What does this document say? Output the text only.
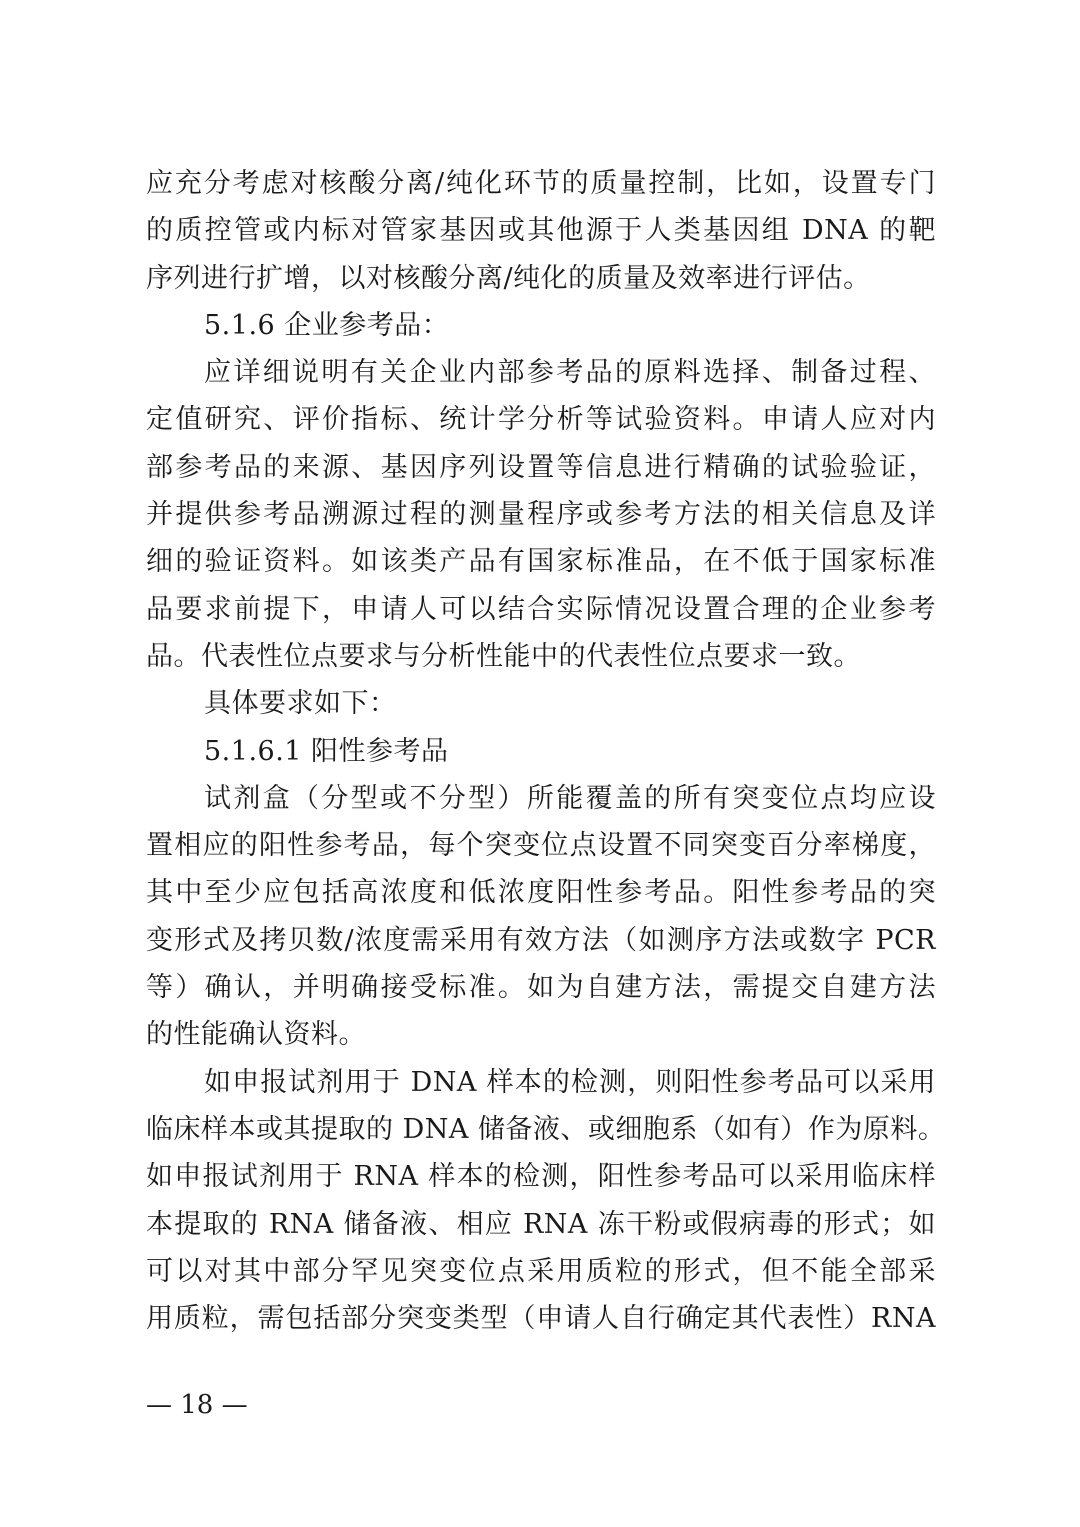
应充分考虑对核酸分离/纯化环节的质量控制，比如，设置专门
的质控管或内标对管家基因或其他源于人类基因组 DNA 的靶
序列进行扩增，以对核酸分离/纯化的质量及效率进行评估。
5.1.6 企业参考品：
应详细说明有关企业内部参考品的原料选择、制备过程、
定值研究、评价指标、统计学分析等试验资料。申请人应对内
部参考品的来源、基因序列设置等信息进行精确的试验验证，
并提供参考品溯源过程的测量程序或参考方法的相关信息及详
细的验证资料。如该类产品有国家标准品，在不低于国家标准
品要求前提下，申请人可以结合实际情况设置合理的企业参考
品。代表性位点要求与分析性能中的代表性位点要求一致。
具体要求如下：
5.1.6.1 阳性参考品
试剂盒（分型或不分型）所能覆盖的所有突变位点均应设
置相应的阳性参考品，每个突变位点设置不同突变百分率梯度，
其中至少应包括高浓度和低浓度阳性参考品。阳性参考品的突
变形式及拷贝数/浓度需采用有效方法（如测序方法或数字 PCR
等）确认，并明确接受标准。如为自建方法，需提交自建方法
的性能确认资料。
如申报试剂用于 DNA 样本的检测，则阳性参考品可以采用
临床样本或其提取的 DNA 储备液、或细胞系（如有）作为原料。
如申报试剂用于 RNA 样本的检测，阳性参考品可以采用临床样
本提取的 RNA 储备液、相应 RNA 冻干粉或假病毒的形式；如
可以对其中部分罕见突变位点采用质粒的形式，但不能全部采
用质粒，需包括部分突变类型（申请人自行确定其代表性）RNA
— 18 —
